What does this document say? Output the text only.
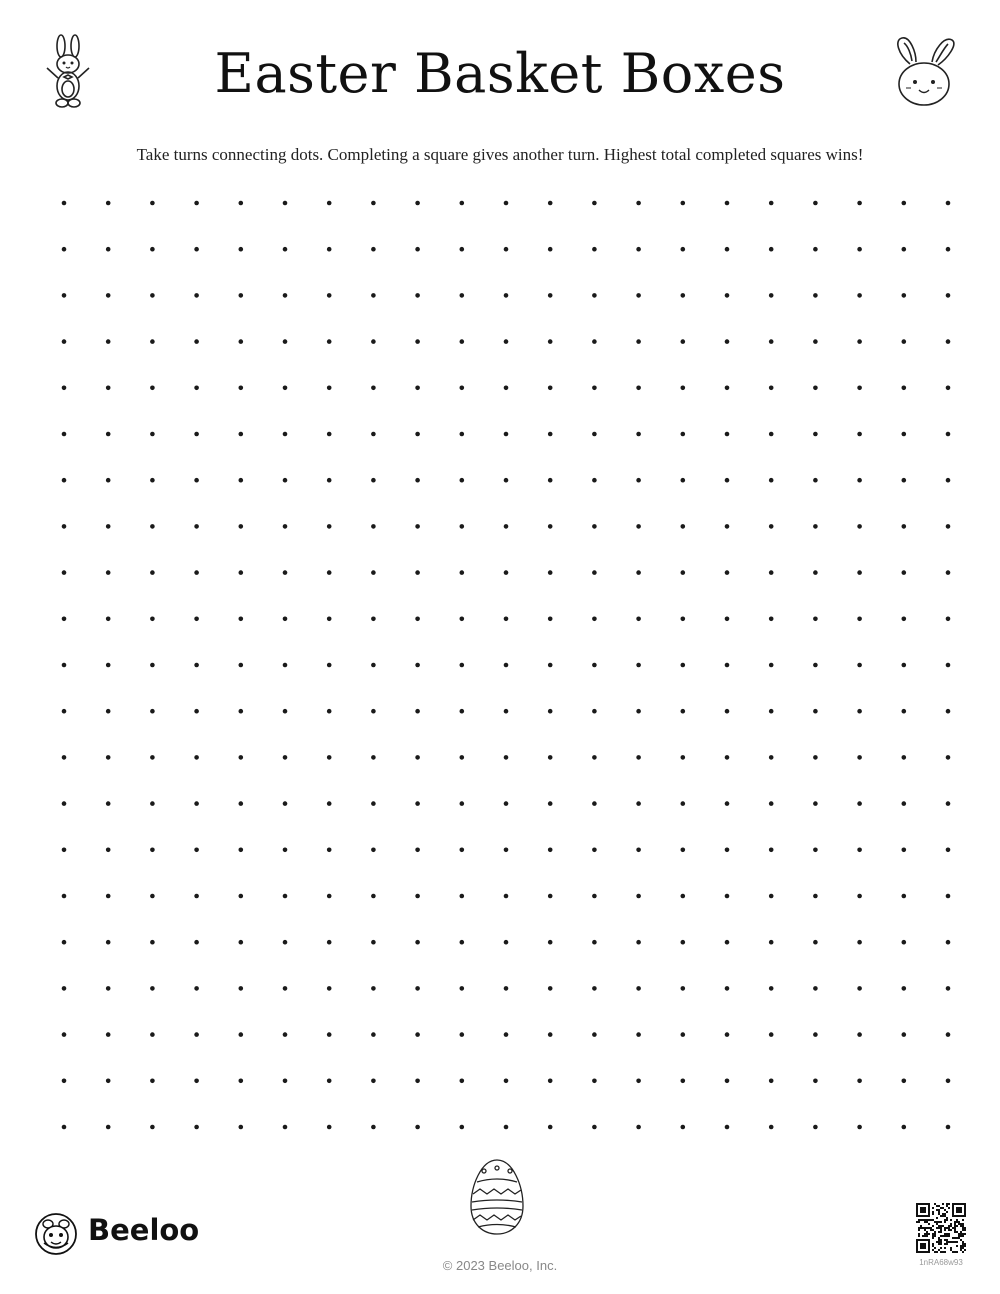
Easter Basket Boxes
Take turns connecting dots. Completing a square gives another turn. Highest total completed squares wins!
Beeloo
© 2023 Beeloo, Inc.	1nRA68w93
